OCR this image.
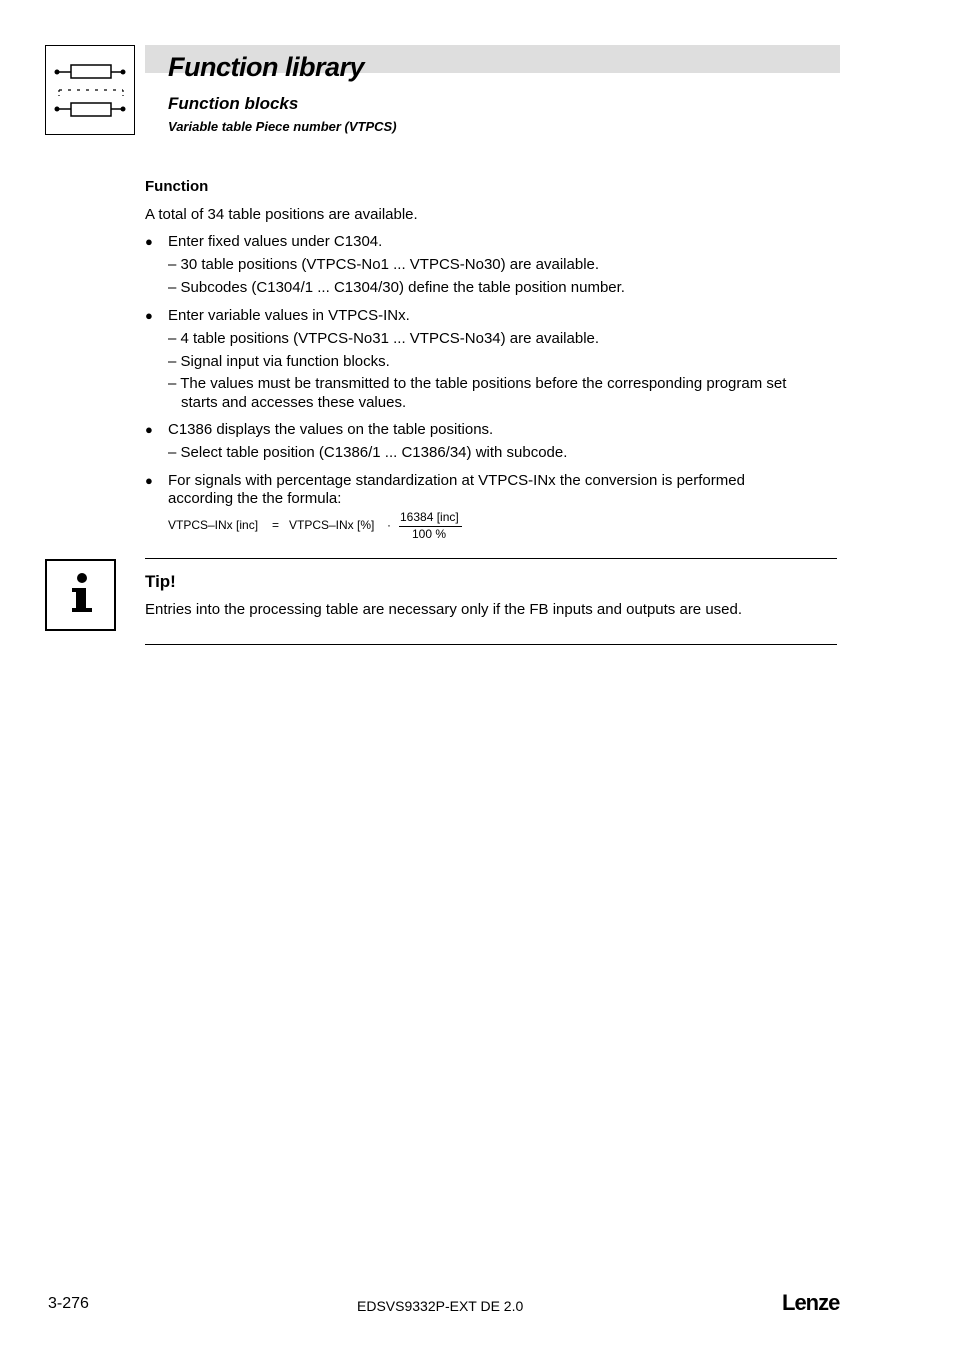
Function library
Function blocks
Variable table Piece number (VTPCS)
Function
A total of 34 table positions are available.
● Enter fixed values under C1304.
– 30 table positions (VTPCS-No1 ... VTPCS-No30) are available.
– Subcodes (C1304/1 ... C1304/30) define the table position number.
● Enter variable values in VTPCS-INx.
– 4 table positions (VTPCS-No31 ... VTPCS-No34) are available.
– Signal input via function blocks.
– The values must be transmitted to the table positions before the corresponding program set
starts and accesses these values.
● C1386 displays the values on the table positions.
– Select table position (C1386/1 ... C1386/34) with subcode.
● For signals with percentage standardization at VTPCS-INx the conversion is performed
according the the formula:
VTPCS–INx [inc] = VTPCS–INx [%] ·
16384 [inc]
100 %
Tip!
Entries into the processing table are necessary only if the FB inputs and outputs are used.
3-276	EDSVS9332P-EXT DE 2.0	Lenze
